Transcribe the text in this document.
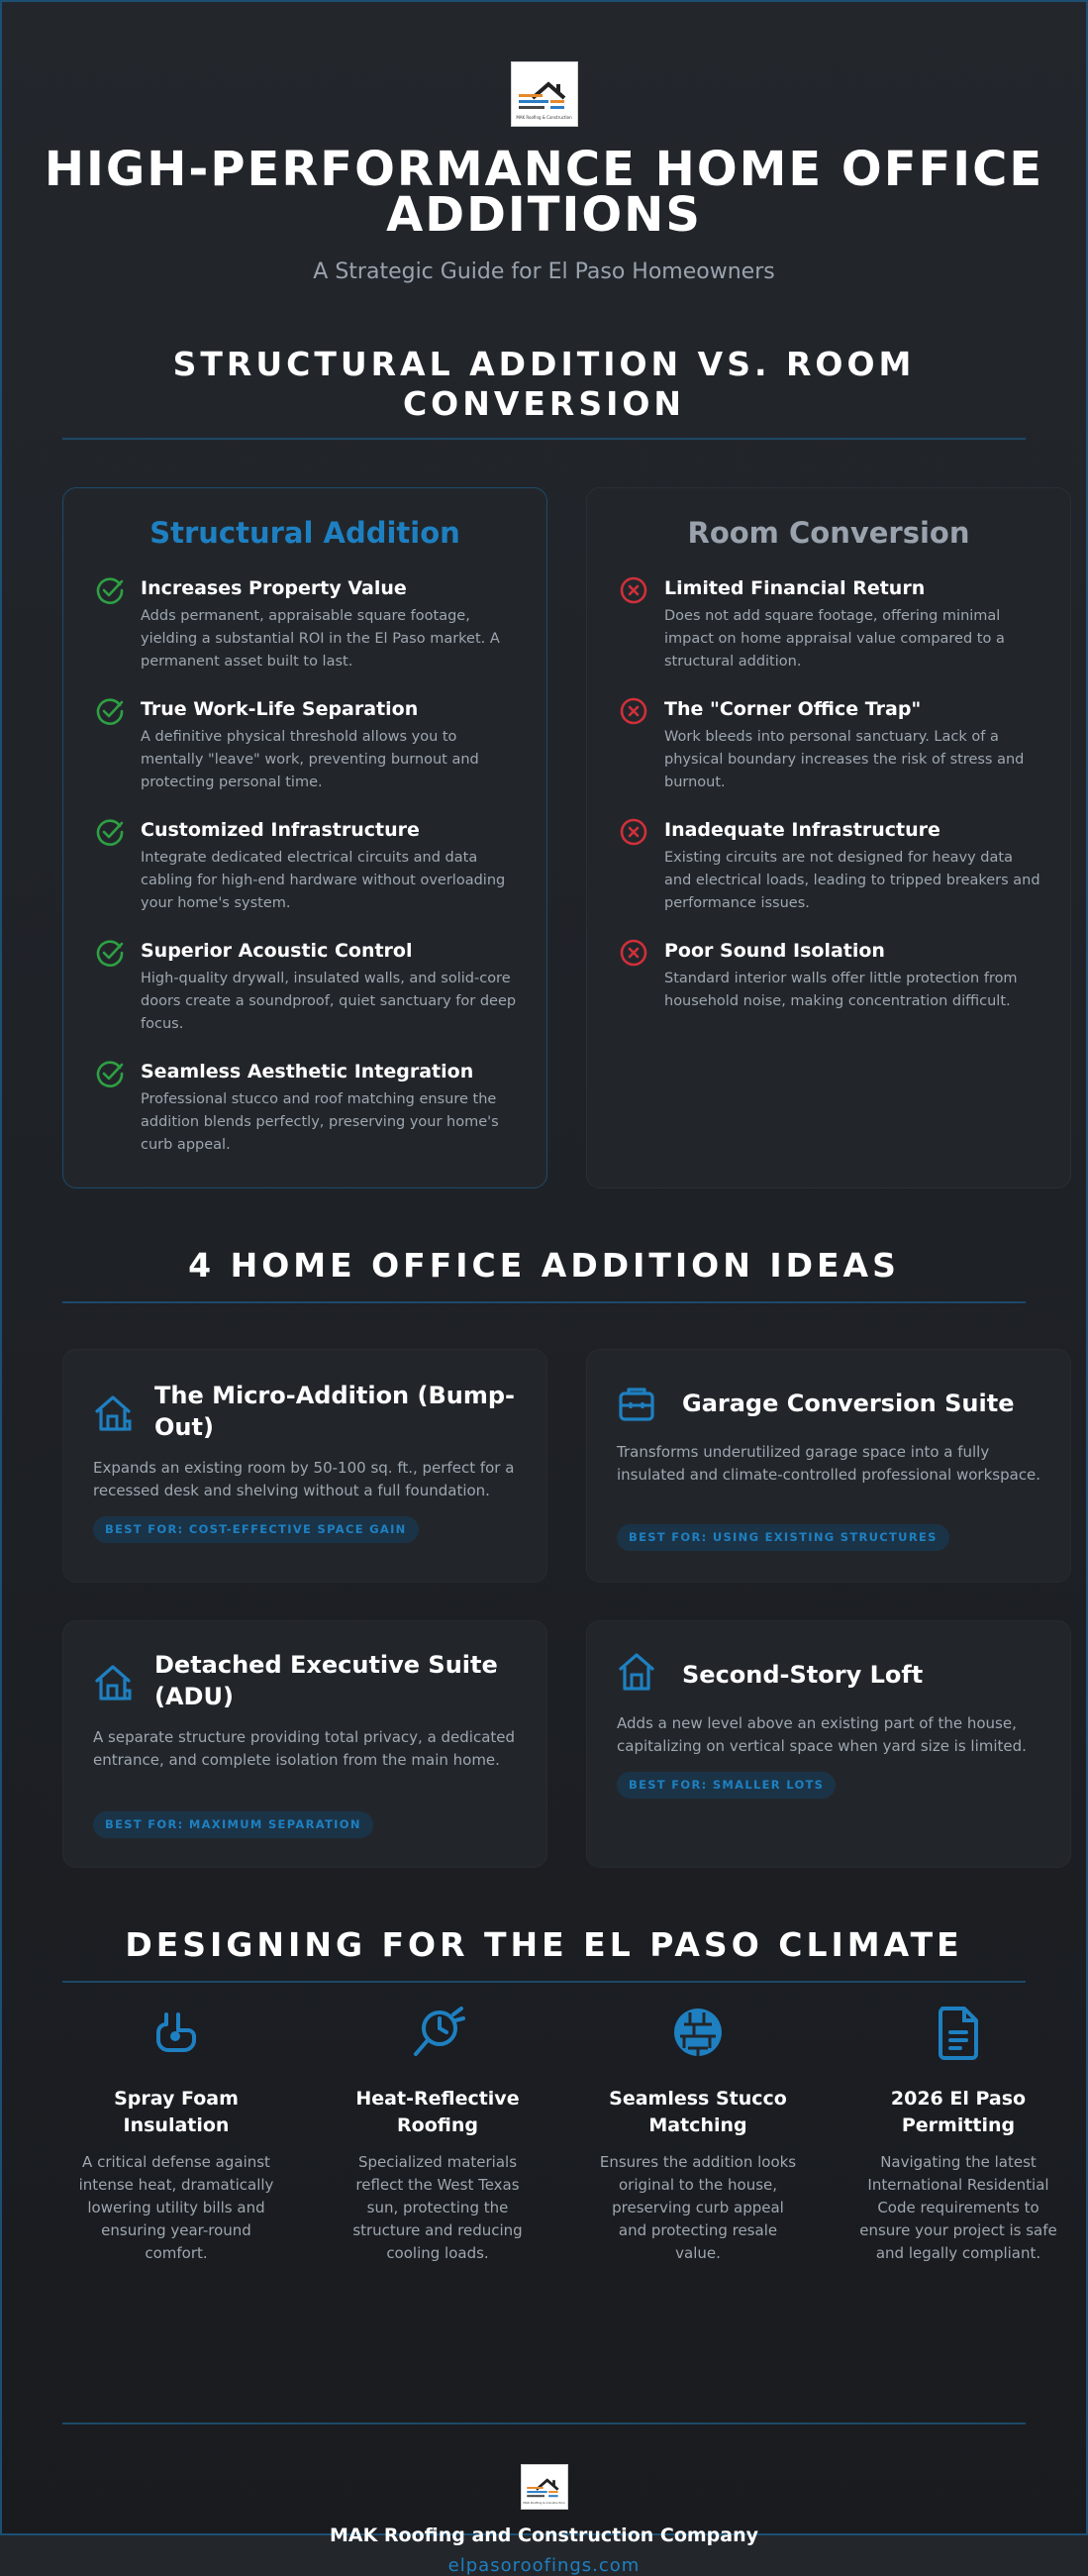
MAK Roofing & Construction
HIGH-PERFORMANCE HOME OFFICE ADDITIONS
A Strategic Guide for El Paso Homeowners
STRUCTURAL ADDITION VS. ROOM CONVERSION
Structural Addition
Increases Property Value
Adds permanent, appraisable square footage, yielding a substantial ROI in the El Paso market. A permanent asset built to last.
True Work-Life Separation
A definitive physical threshold allows you to mentally "leave" work, preventing burnout and protecting personal time.
Customized Infrastructure
Integrate dedicated electrical circuits and data cabling for high-end hardware without overloading your home's system.
Superior Acoustic Control
High-quality drywall, insulated walls, and solid-core doors create a soundproof, quiet sanctuary for deep focus.
Seamless Aesthetic Integration
Professional stucco and roof matching ensure the addition blends perfectly, preserving your home's curb appeal.
Room Conversion
Limited Financial Return
Does not add square footage, offering minimal impact on home appraisal value compared to a structural addition.
The "Corner Office Trap"
Work bleeds into personal sanctuary. Lack of a physical boundary increases the risk of stress and burnout.
Inadequate Infrastructure
Existing circuits are not designed for heavy data and electrical loads, leading to tripped breakers and performance issues.
Poor Sound Isolation
Standard interior walls offer little protection from household noise, making concentration difficult.
4 HOME OFFICE ADDITION IDEAS
The Micro-Addition (Bump-Out)
Expands an existing room by 50-100 sq. ft., perfect for a recessed desk and shelving without a full foundation.
BEST FOR: COST-EFFECTIVE SPACE GAIN
Garage Conversion Suite
Transforms underutilized garage space into a fully insulated and climate-controlled professional workspace.
BEST FOR: USING EXISTING STRUCTURES
Detached Executive Suite (ADU)
A separate structure providing total privacy, a dedicated entrance, and complete isolation from the main home.
BEST FOR: MAXIMUM SEPARATION
Second-Story Loft
Adds a new level above an existing part of the house, capitalizing on vertical space when yard size is limited.
BEST FOR: SMALLER LOTS
DESIGNING FOR THE EL PASO CLIMATE
Spray Foam Insulation
A critical defense against intense heat, dramatically lowering utility bills and ensuring year-round comfort.
Heat-Reflective Roofing
Specialized materials reflect the West Texas sun, protecting the structure and reducing cooling loads.
Seamless Stucco Matching
Ensures the addition looks original to the house, preserving curb appeal and protecting resale value.
2026 El Paso Permitting
Navigating the latest International Residential Code requirements to ensure your project is safe and legally compliant.
MAK Roofing & Construction
MAK Roofing and Construction Company
elpasoroofings.com
